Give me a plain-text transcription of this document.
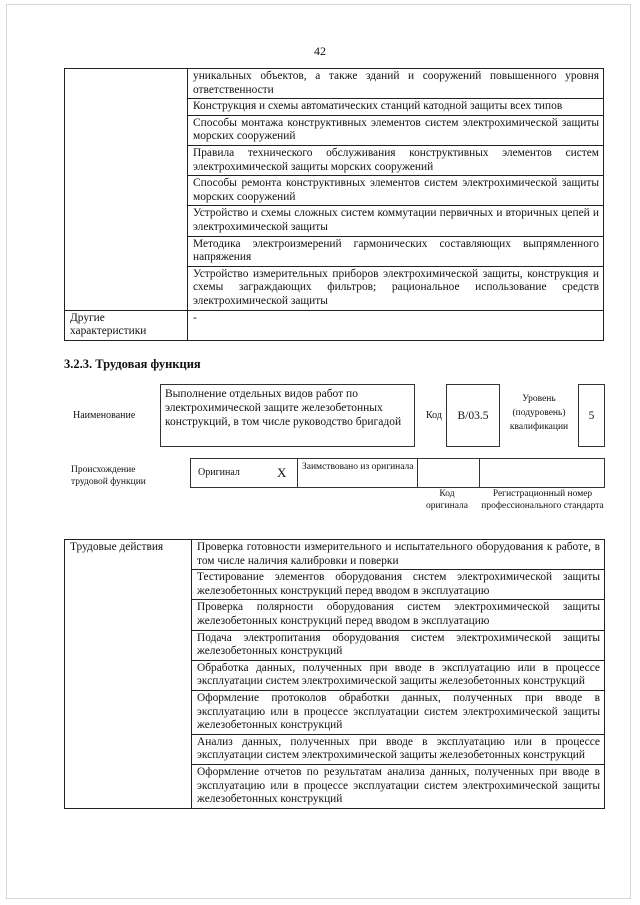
42
	уникальных объектов, а также зданий и сооружений повышенного уровня ответственности
	Конструкция и схемы автоматических станций катодной защиты всех типов
	Способы монтажа конструктивных элементов систем электрохимической защиты морских сооружений
	Правила технического обслуживания конструктивных элементов систем электрохимической защиты морских сооружений
	Способы ремонта конструктивных элементов систем электрохимической защиты морских сооружений
	Устройство и схемы сложных систем коммутации первичных и вторичных цепей и электрохимической защиты
	Методика электроизмерений гармонических составляющих выпрямленного напряжения
	Устройство измерительных приборов электрохимической защиты, конструкция и схемы заграждающих фильтров; рациональное использование средств электрохимической защиты
Другие характеристики	-
3.2.3. Трудовая функция
Наименование
Выполнение отдельных видов работ по электрохимической защите железобетонных конструкций, в том числе руководство бригадой
Код	B/03.5
Уровень (подуровень) квалификации
5
Происхождение трудовой функции
Оригинал	X Заимствовано из оригинала
Код оригинала
Регистрационный номер профессионального стандарта
Трудовые действия	Проверка готовности измерительного и испытательного оборудования к работе, в том числе наличия калибровки и поверки
Тестирование элементов оборудования систем электрохимической защиты железобетонных конструкций перед вводом в эксплуатацию
Проверка полярности оборудования систем электрохимической защиты железобетонных конструкций перед вводом в эксплуатацию
Подача электропитания оборудования систем электрохимической защиты железобетонных конструкций
Обработка данных, полученных при вводе в эксплуатацию или в процессе эксплуатации систем электрохимической защиты железобетонных конструкций
Оформление протоколов обработки данных, полученных при вводе в эксплуатацию или в процессе эксплуатации систем электрохимической защиты железобетонных конструкций
Анализ данных, полученных при вводе в эксплуатацию или в процессе эксплуатации систем электрохимической защиты железобетонных конструкций
Оформление отчетов по результатам анализа данных, полученных при вводе в эксплуатацию или в процессе эксплуатации систем электрохимической защиты железобетонных конструкций
